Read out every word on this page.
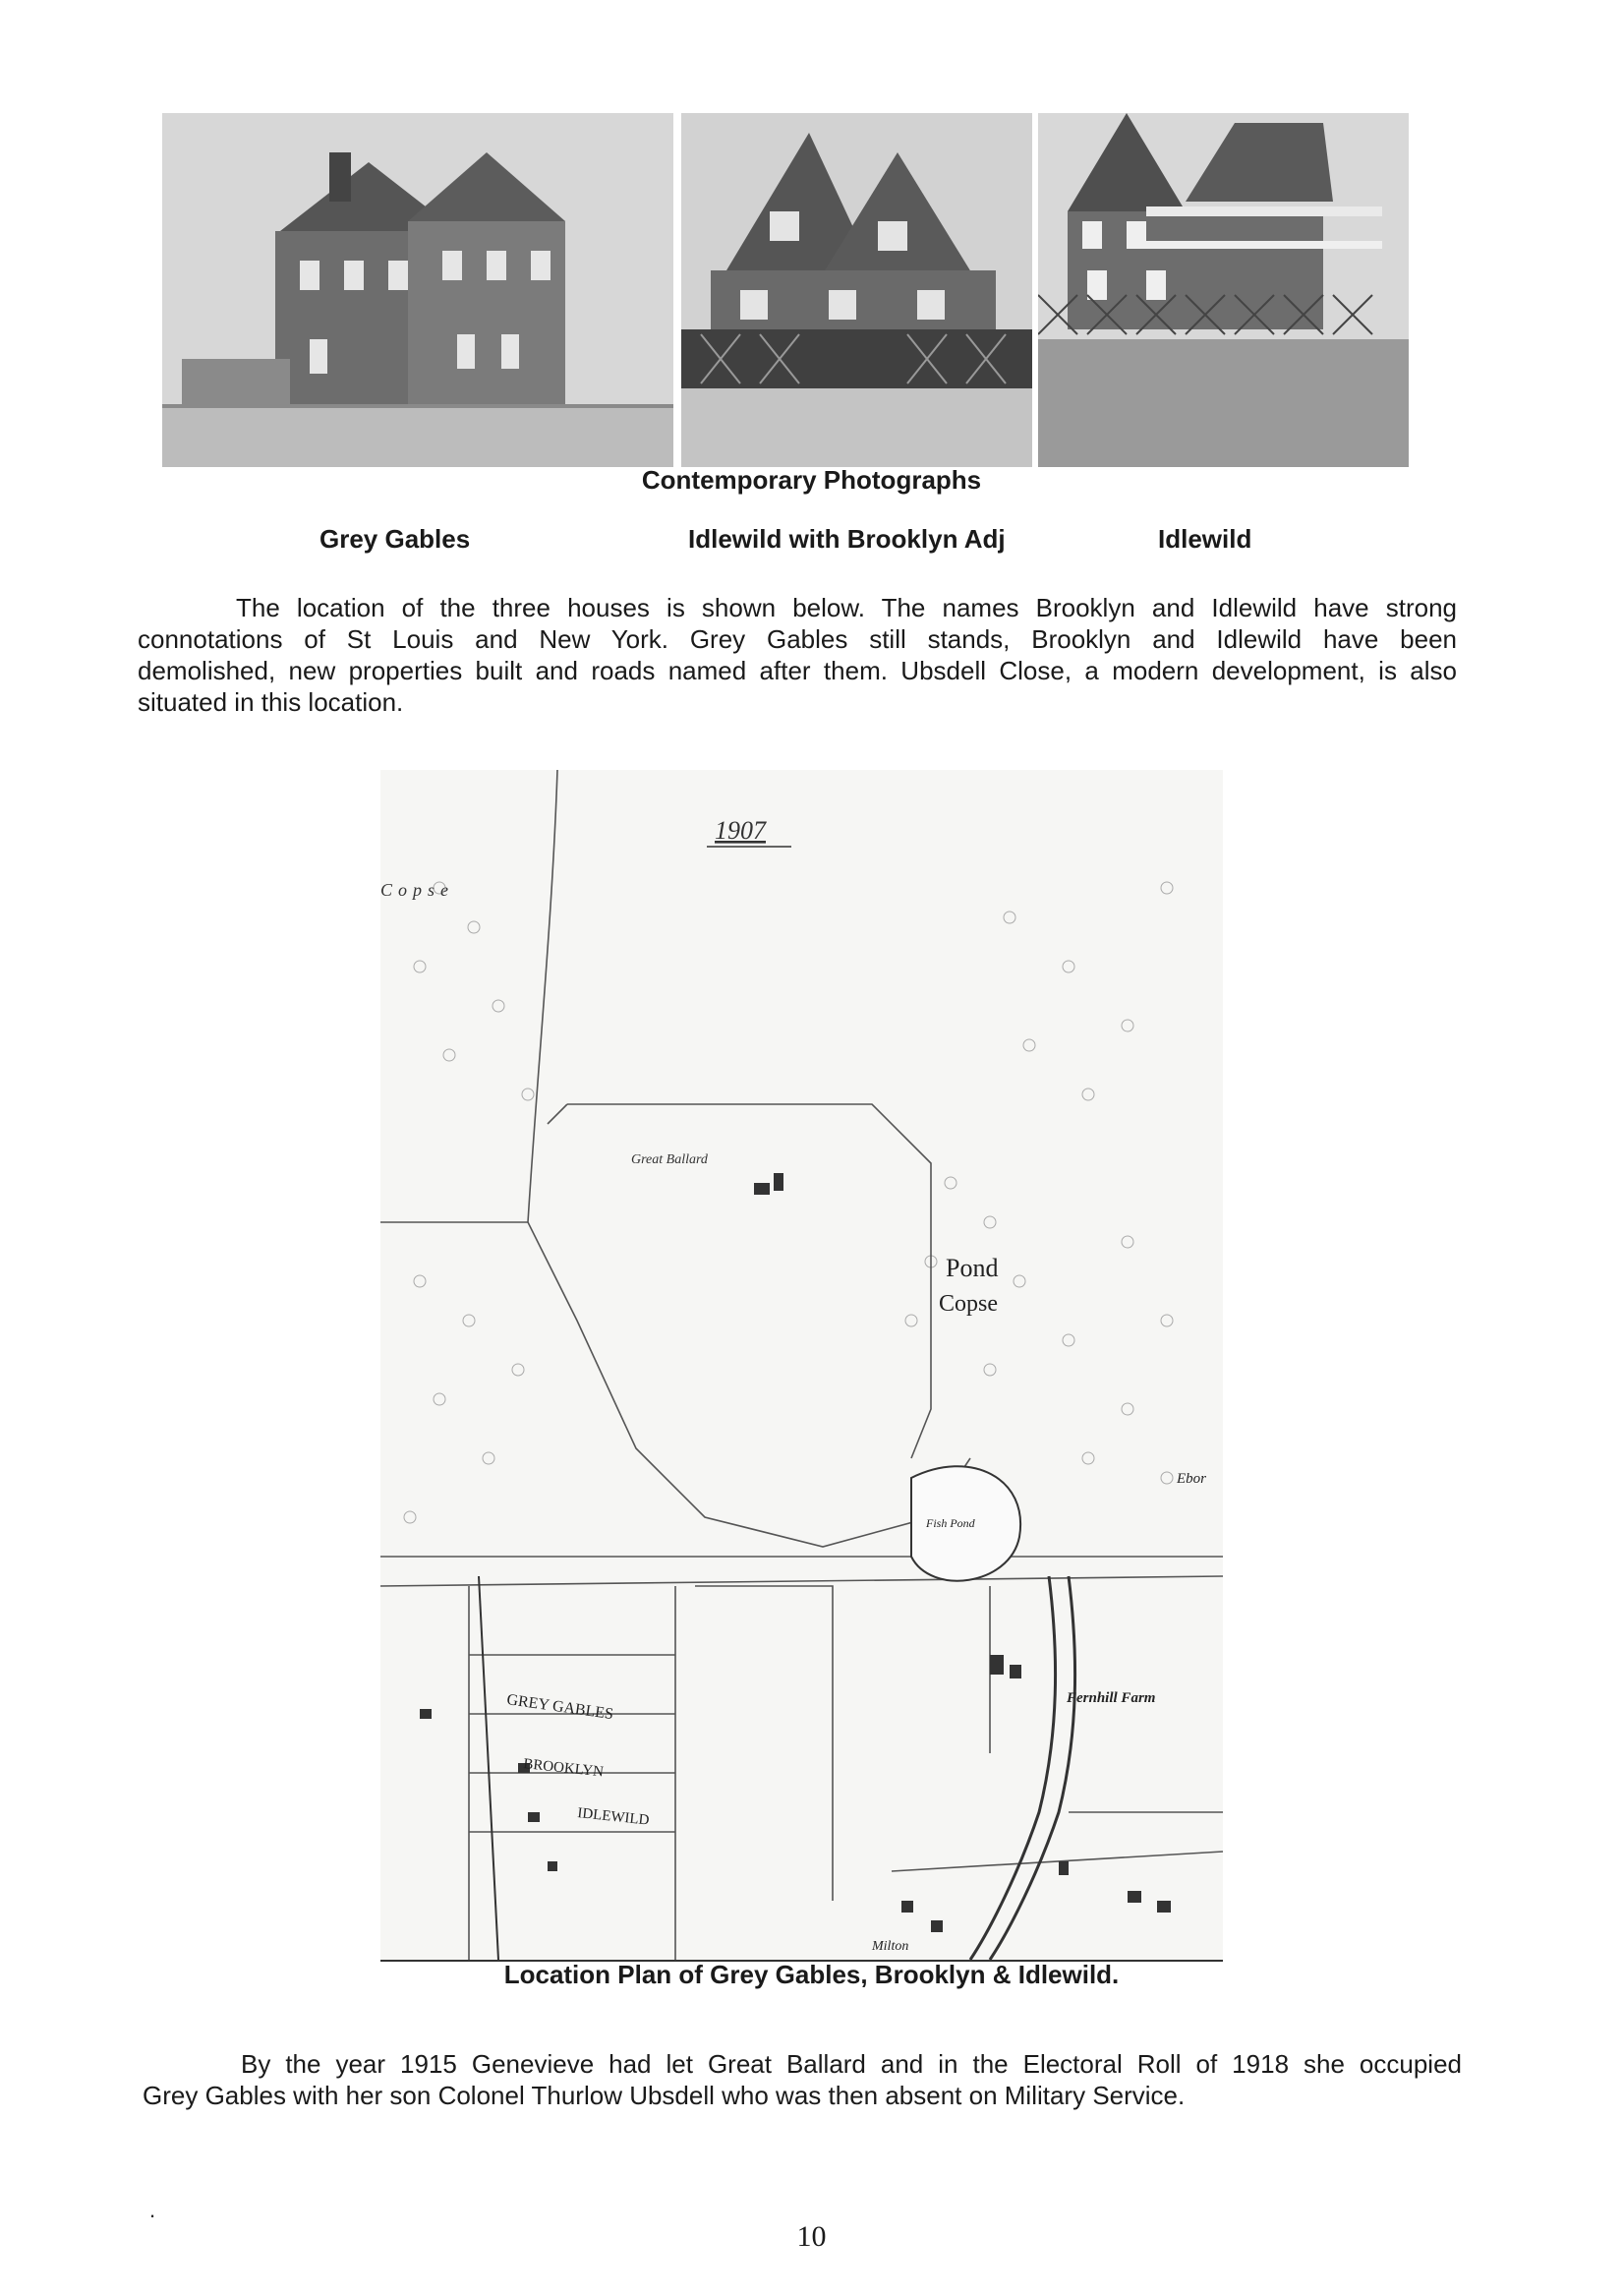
Contemporary Photographs
Grey Gables	Idlewild with Brooklyn Adj	Idlewild
The location of the three houses is shown below. The names Brooklyn and Idlewild have strong
connotations of St Louis and New York. Grey Gables still stands, Brooklyn and Idlewild have been
demolished, new properties built and roads named after them. Ubsdell Close, a modern development, is also
situated in this location.
1907
Copse
Great Ballard
Pond
Copse
Fish Pond
Ebor
Fernhill Farm
GREY GABLES
BROOKLYN
IDLEWILD
Milton
Location Plan of Grey Gables, Brooklyn & Idlewild.
By the year 1915 Genevieve had let Great Ballard and in the Electoral Roll of 1918 she occupied
Grey Gables with her son Colonel Thurlow Ubsdell who was then absent on Military Service.
.
10
